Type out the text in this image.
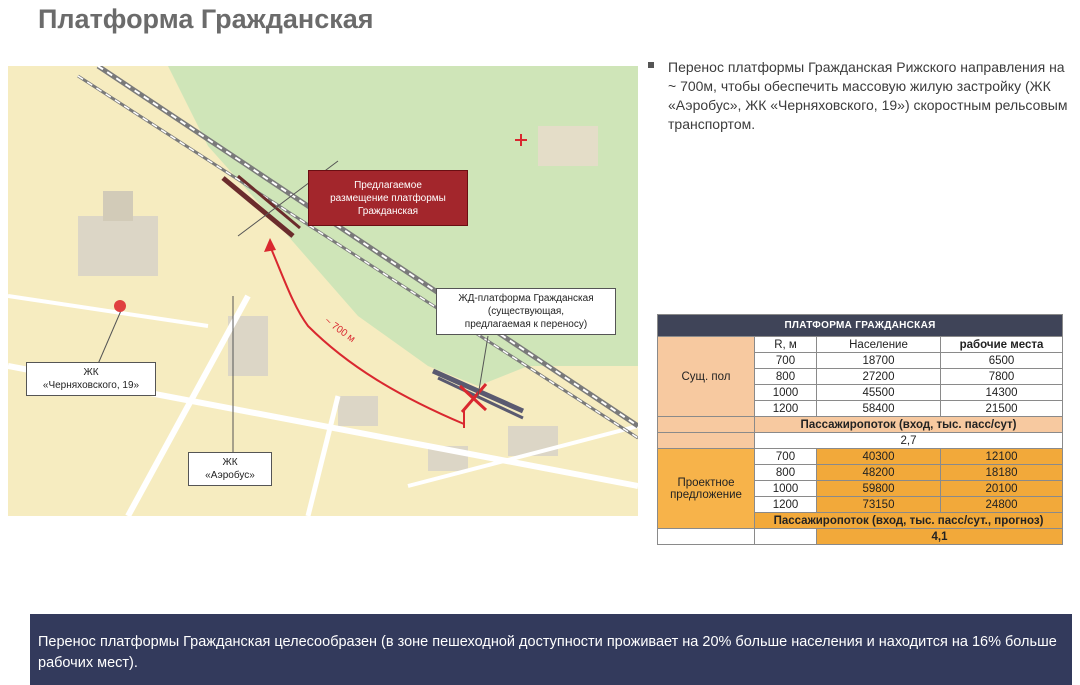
Платформа Гражданская
~ 700 м
Предлагаемое
размещение платформы
Гражданская
ЖД-платформа Гражданская
(существующая,
предлагаемая к переносу)
ЖК
«Черняховского, 19»
ЖК
«Аэробус»
Перенос платформы Гражданская Рижского направления на ~ 700м, чтобы обеспечить массовую жилую застройку (ЖК «Аэробус», ЖК «Черняховского, 19») скоростным рельсовым транспортом.
ПЛАТФОРМА ГРАЖДАНСКАЯ			
Сущ. пол	R, м	Население	рабочие места
	700	18700	6500
	800	27200	7800
	1000	45500	14300
	1200	58400	21500
	Пассажиропоток (вход, тыс. пасс/сут)		
	2,7		
Проектное предложение	700	40300	12100
	800	48200	18180
	1000	59800	20100
	1200	73150	24800
	Пассажиропоток (вход, тыс. пасс/сут., прогноз)		
		4,1	
Перенос платформы Гражданская целесообразен (в зоне пешеходной доступности проживает на 20% больше населения и находится на 16% больше рабочих мест).
